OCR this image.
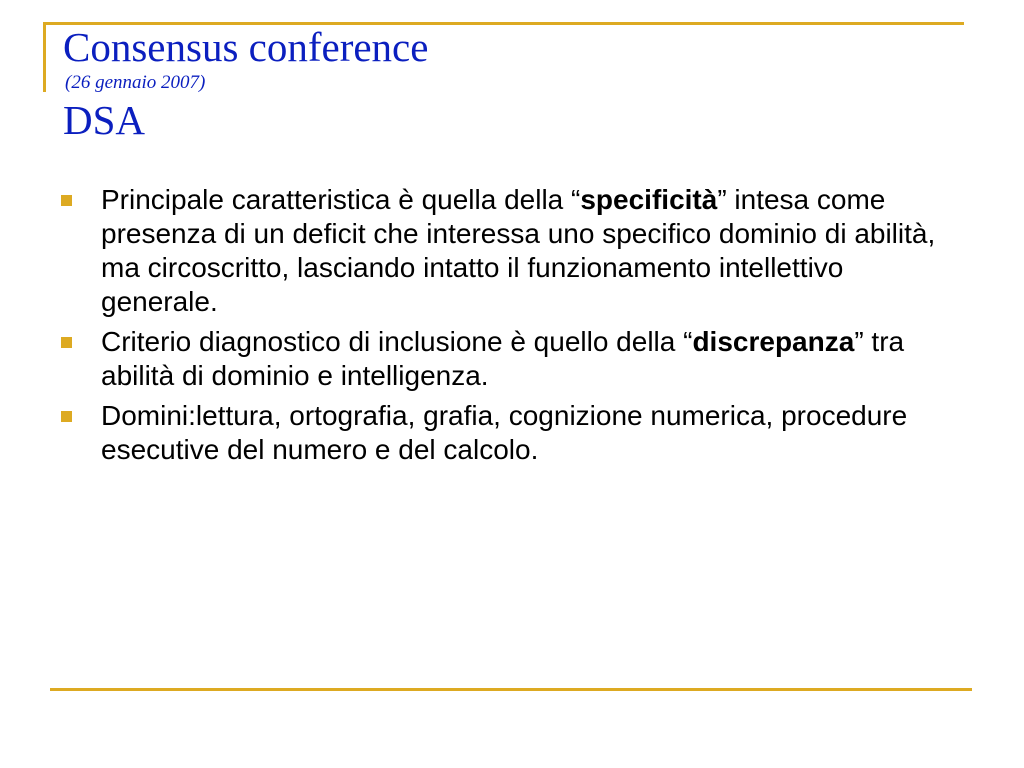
Consensus conference
(26 gennaio 2007)
DSA
Principale caratteristica è quella della “specificità” intesa come presenza di un deficit che interessa uno specifico dominio di abilità, ma circoscritto, lasciando intatto il funzionamento intellettivo generale.
Criterio diagnostico di inclusione è quello della “discrepanza” tra abilità di dominio e intelligenza.
Domini:lettura, ortografia, grafia, cognizione numerica, procedure esecutive del numero e del calcolo.
